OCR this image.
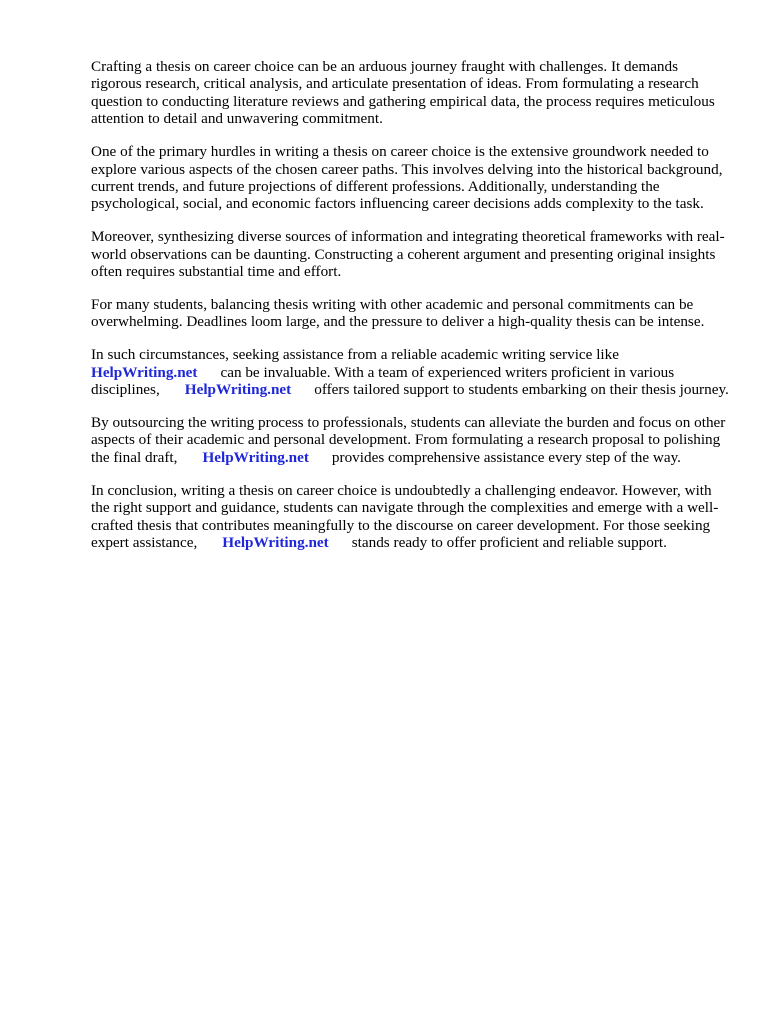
Crafting a thesis on career choice can be an arduous journey fraught with challenges. It demands rigorous research, critical analysis, and articulate presentation of ideas. From formulating a research question to conducting literature reviews and gathering empirical data, the process requires meticulous attention to detail and unwavering commitment.

One of the primary hurdles in writing a thesis on career choice is the extensive groundwork needed to explore various aspects of the chosen career paths. This involves delving into the historical background, current trends, and future projections of different professions. Additionally, understanding the psychological, social, and economic factors influencing career decisions adds complexity to the task.

Moreover, synthesizing diverse sources of information and integrating theoretical frameworks with real-world observations can be daunting. Constructing a coherent argument and presenting original insights often requires substantial time and effort.

For many students, balancing thesis writing with other academic and personal commitments can be overwhelming. Deadlines loom large, and the pressure to deliver a high-quality thesis can be intense.

In such circumstances, seeking assistance from a reliable academic writing service like
HelpWriting.net can be invaluable. With a team of experienced writers proficient in various disciplines, HelpWriting.net offers tailored support to students embarking on their thesis journey.

By outsourcing the writing process to professionals, students can alleviate the burden and focus on other aspects of their academic and personal development. From formulating a research proposal to polishing the final draft, HelpWriting.net provides comprehensive assistance every step of the way.

In conclusion, writing a thesis on career choice is undoubtedly a challenging endeavor. However, with the right support and guidance, students can navigate through the complexities and emerge with a well-crafted thesis that contributes meaningfully to the discourse on career development. For those seeking expert assistance, HelpWriting.net stands ready to offer proficient and reliable support.
